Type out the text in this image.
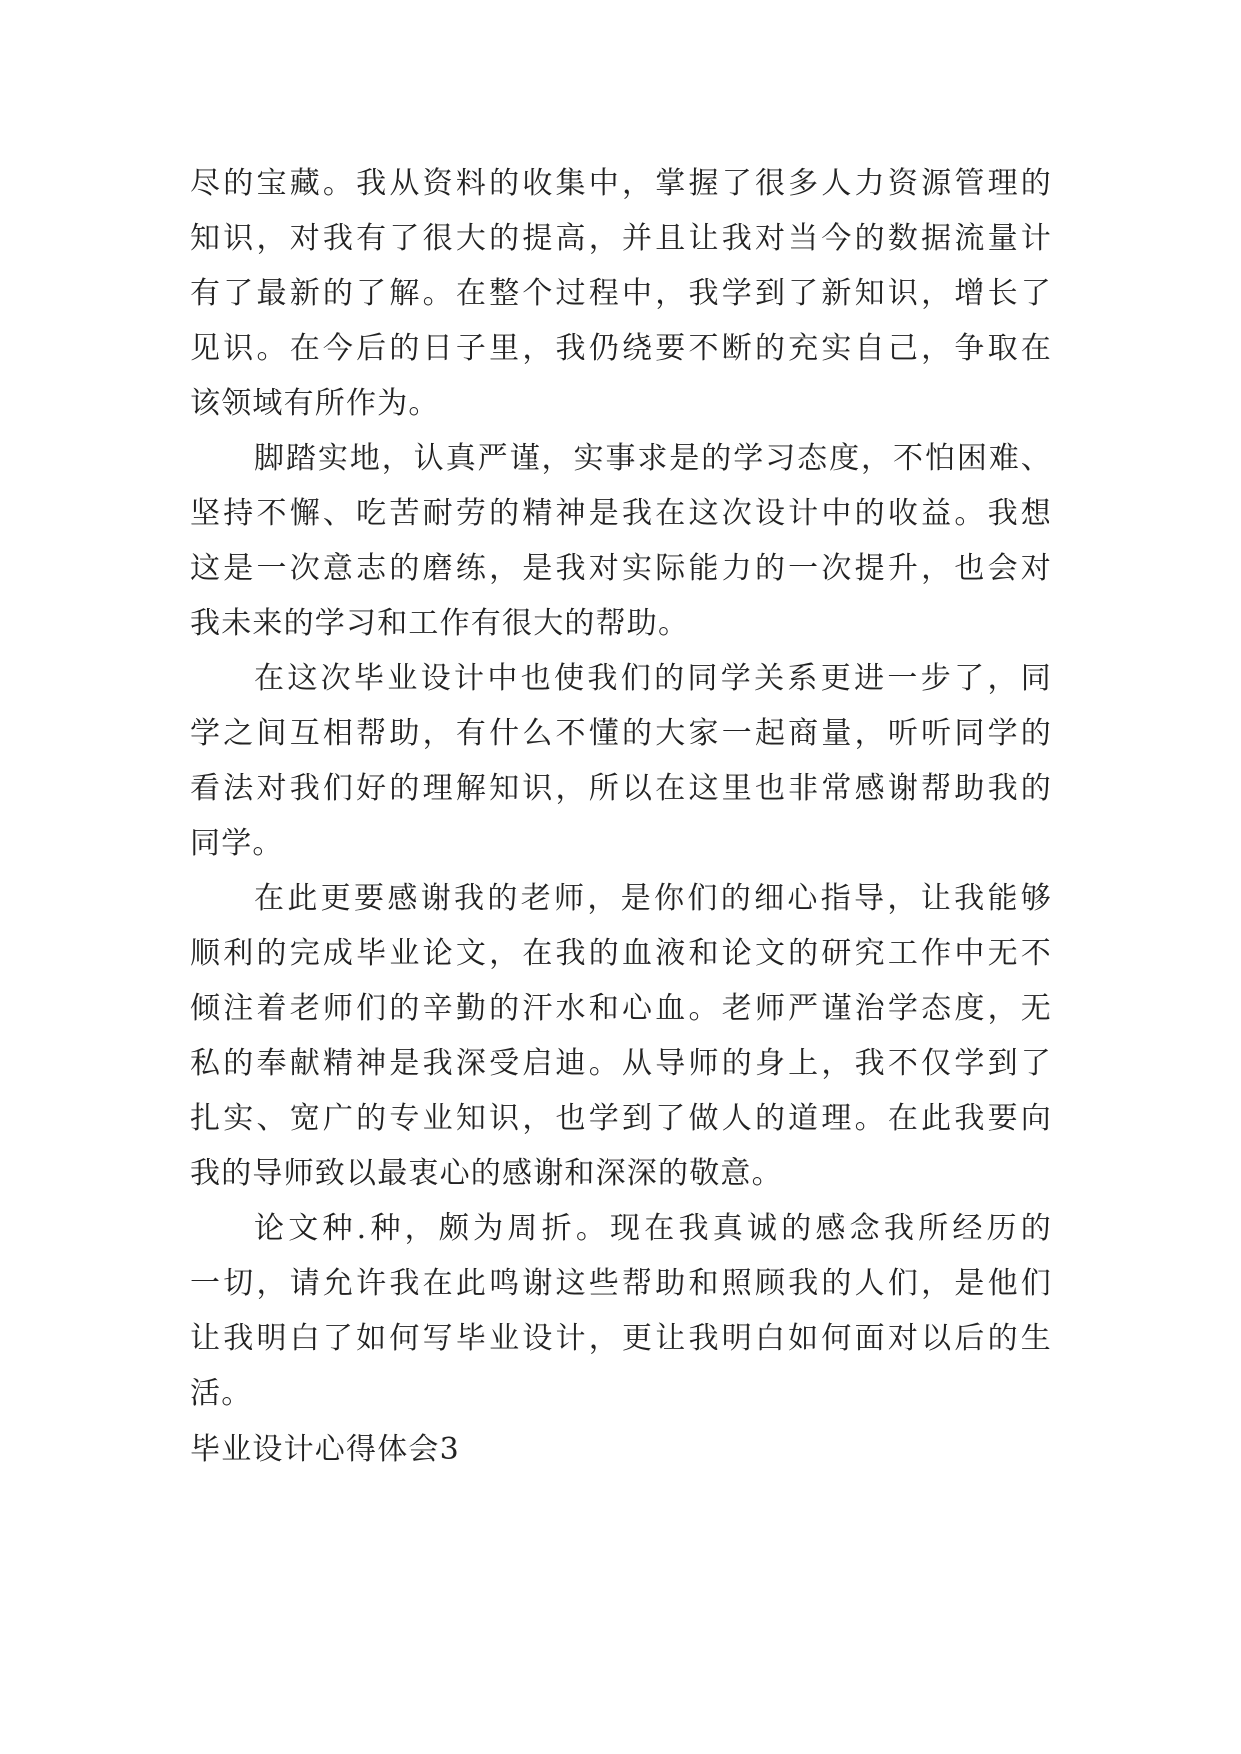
尽的宝藏。我从资料的收集中，掌握了很多人力资源管理的
知识，对我有了很大的提高，并且让我对当今的数据流量计
有了最新的了解。在整个过程中，我学到了新知识，增长了
见识。在今后的日子里，我仍绕要不断的充实自己，争取在
该领域有所作为。
脚踏实地，认真严谨，实事求是的学习态度，不怕困难、
坚持不懈、吃苦耐劳的精神是我在这次设计中的收益。我想
这是一次意志的磨练，是我对实际能力的一次提升，也会对
我未来的学习和工作有很大的帮助。
在这次毕业设计中也使我们的同学关系更进一步了，同
学之间互相帮助，有什么不懂的大家一起商量，听听同学的
看法对我们好的理解知识，所以在这里也非常感谢帮助我的
同学。
在此更要感谢我的老师，是你们的细心指导，让我能够
顺利的完成毕业论文，在我的血液和论文的研究工作中无不
倾注着老师们的辛勤的汗水和心血。老师严谨治学态度，无
私的奉献精神是我深受启迪。从导师的身上，我不仅学到了
扎实、宽广的专业知识，也学到了做人的道理。在此我要向
我的导师致以最衷心的感谢和深深的敬意。
论文种.种，颇为周折。现在我真诚的感念我所经历的
一切，请允许我在此鸣谢这些帮助和照顾我的人们，是他们
让我明白了如何写毕业设计，更让我明白如何面对以后的生
活。
毕业设计心得体会3
